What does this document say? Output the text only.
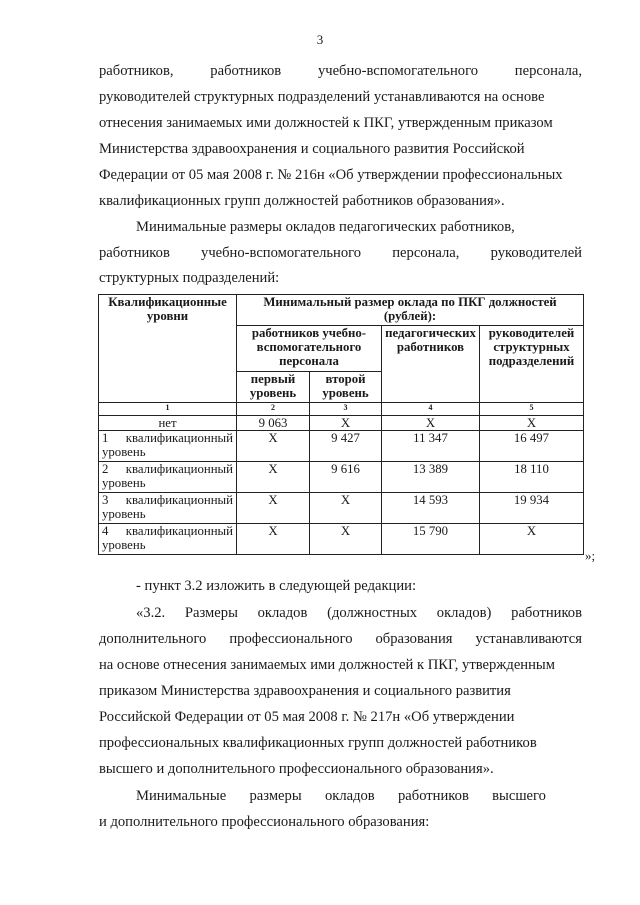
3
работников,	работников	учебно-вспомогательного	персонала,
руководителей структурных подразделений устанавливаются на основе
отнесения занимаемых ими должностей к ПКГ, утвержденным приказом
Министерства здравоохранения и социального развития Российской
Федерации от 05 мая 2008 г. № 216н «Об утверждении профессиональных
квалификационных групп должностей работников образования».
Минимальные размеры окладов педагогических работников,
работников учебно-вспомогательного персонала, руководителей
структурных подразделений:
Квалификационные уровни	Минимальный размер оклада по ПКГ должностей (рублей):			
	работников учебно-вспомогательного персонала		педагогических работников	руководителей структурных подразделений
	первый уровень	второй уровень		
1	2	3	4	5
нет	9 063	X	X	X

1 квалификационный
уровень	X	9 427	11 347	16 497

2 квалификационный
уровень	X	9 616	13 389	18 110

3 квалификационный
уровень	X	X	14 593	19 934

4 квалификационный
уровень	X	X	15 790	X
»;
- пункт 3.2 изложить в следующей редакции:
«3.2. Размеры окладов (должностных окладов) работников
дополнительного профессионального образования устанавливаются
на основе отнесения занимаемых ими должностей к ПКГ, утвержденным
приказом Министерства здравоохранения и социального развития
Российской Федерации от 05 мая 2008 г. № 217н «Об утверждении
профессиональных квалификационных групп должностей работников
высшего и дополнительного профессионального образования».
Минимальные размеры окладов работников высшего
и дополнительного профессионального образования:
